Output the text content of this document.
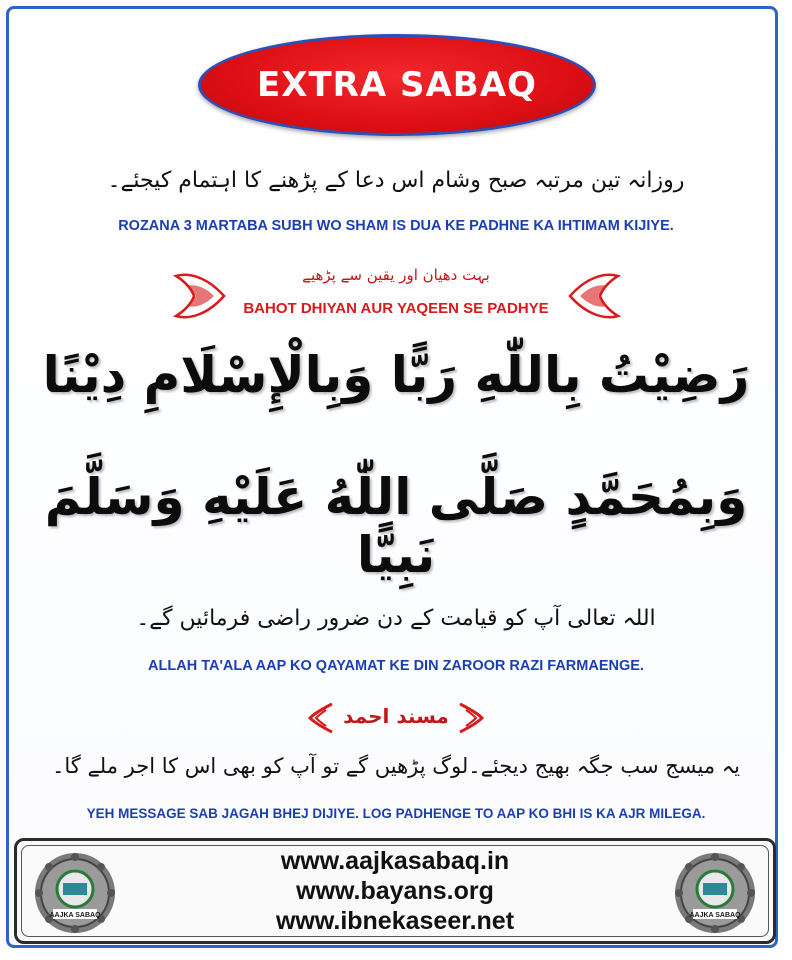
EXTRA SABAQ
روزانہ تین مرتبہ صبح وشام اس دعا کے پڑھنے کا اہتمام کیجئے۔
ROZANA 3 MARTABA SUBH WO SHAM IS DUA KE PADHNE KA IHTIMAM KIJIYE.
بہت دھیان اور یقین سے پڑھیے
BAHOT DHIYAN AUR YAQEEN SE PADHYE
رَضِيْتُ بِاللّٰهِ رَبًّا وَبِالْإِسْلَامِ دِيْنًا
وَبِمُحَمَّدٍ صَلَّى اللّٰهُ عَلَيْهِ وَسَلَّمَ نَبِيًّا
اللہ تعالی آپ کو قیامت کے دن ضرور راضی فرمائیں گے۔
ALLAH TA'ALA AAP KO QAYAMAT KE DIN ZAROOR RAZI FARMAENGE.
مسند احمد
یہ میسج سب جگہ بھیج دیجئے۔لوگ پڑھیں گے تو آپ کو بھی اس کا اجر ملے گا۔
YEH MESSAGE SAB JAGAH BHEJ DIJIYE. LOG PADHENGE TO AAP KO BHI IS KA AJR MILEGA.
AAJKA SABAQ
www.aajkasabaq.in
www.bayans.org
www.ibnekaseer.net	AAJKA SABAQ
